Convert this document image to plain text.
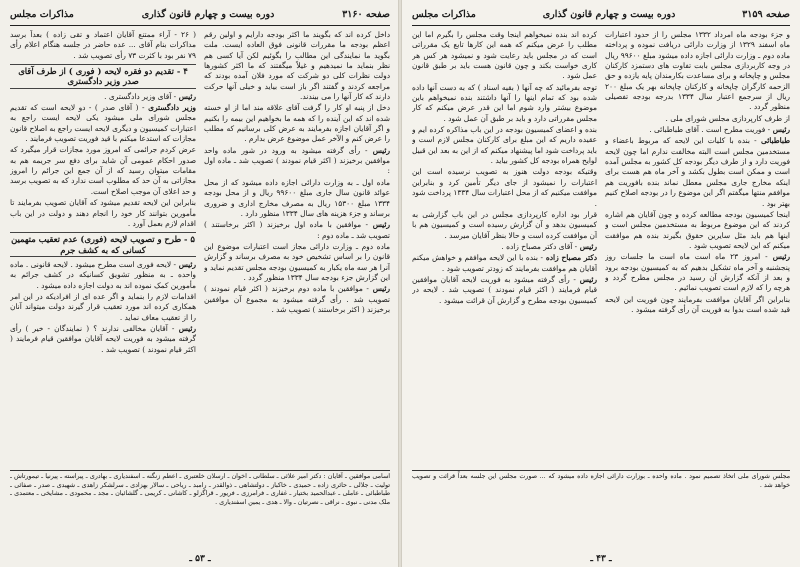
صفحه ۳۱۶۰
دوره بیست و چهارم قانون گذاری
مذاکرات مجلس

داخل کرده‌ اند که بگویند ما اکثر بودجه دارایم و اولین رقم اعظم بودجه ما مقررات قانونی فوق العاده ایست. ملت بگوید ما نمایندگی این مطالب را بگوئیم لکن آیا کسی هم نظر بنماید ما نمیدهیم و غیلاً میگفتند که ما اکثر کشورها دولت نظرات کلی دو شرکت که مورد فلان آمده بودند که مراجعه کردند و گفتند اگر باز است بیاید و خیلی آنها حرکت دارند که کار آنها را می بیندند.

دخل از پنبه او کار را گرفت آقای علاقه مند اما از او خسته شده اند که این آینده را که همه ما بخواهیم این بیمه را بکنیم و اگر آقایان اجازه بفرمایند به عرض کلی برسانیم که مطلب را عرض کنم و الآخر عمل موضوع عرض بدارم .

رئیس - رأی گرفته میشود به ورود در شور ماده واحد موافقین برخیزند ( اکثر قیام نمودند ) تصویب شد ـ ماده اول :

ماده اول ـ به وزارت دارائی اجازه داده میشود که از محل عوائد قانون سال جاری مبلغ ۹۹۶۰۰ ریال و از محل بودجه ۱۳۳۴ مبلغ ۱۵۳۰۰ ریال به مصرف مخارج اداری و ضروری برساند و جزء هزینه های سال ۱۳۳۴ منظور دارد .

رئیس - موافقین با ماده اول برخیزند ( اکثر برخاستند ) تصویب شد ـ ماده دوم :

ماده دوم ـ وزارت دارائی مجاز است اعتبارات موضوع این قانون را بر اساس تشخیص خود به مصرف برساند و گزارش آنرا هر سه ماه یکبار به کمیسیون بودجه مجلس تقدیم نماید و این گزارش جزء بودجه سال ۱۳۳۴ منظور گردد .

رئیس - موافقین با ماده دوم برخیزند ( اکثر قیام نمودند ) تصویب شد . رأی گرفته میشود به مجموع آن موافقین برخیزند ( اکثر برخاستند ) تصویب شد .

( ۲۶ - آراء ممتنع آقایان اعتماد و تقی زاده ) بعداً برسد مداکرات بنام آقای ... عده حاضر در جلسه هنگام اعلام رأی ۷۹ نفر بود با کثرت ۷۳ رأی تصویب شد .

۴ - تقدیم دو فقره لایحه ( فوری ) از طرف آقای صدر وزیر دادگستری

رئیس - آقای وزیر دادگستری .

وزیر دادگستری - ( آقای صدر ) - دو لایحه است که تقدیم مجلس شورای ملی میشود یکی لایحه ایست راجع به اعتبارات کمیسیون و دیگری لایحه ایست راجع به اصلاح قانون مجازات که استدعا میکنم با قید فوریت تصویب فرمایند .

عرض کردم جرائمی که امروز مورد مجازات قرار میگیرد که صدور احکام عمومی آن شاید برای دفع سر جریمه هم به مقامات میتوان رسید که از آن جمع این جرائم را امروز مجازاتی به آن حد که مطلوب است ندارد که به تصویب برسد و حد اعلای آن موجب اصلاح است.

بنابراین این لایحه تقدیم میشود که آقایان تصویب بفرمایند تا مأمورین بتوانند کار خود را انجام دهند و دولت در این باب اقدام لازم بعمل آورد .

۵ - طرح و تصویب لایحه (فوری) عدم تعقیب متهمین کسانی که به کشف جرم

رئیس - لایحه فوری است مطرح میشود . لایحه قانونی . ماده واحده ـ به منظور تشویق کسانیکه در کشف جرائم به مأمورین کمک نموده اند به دولت اجازه داده میشود .

اقدامات لازم را بنماید و اگر عده ای از افرادیکه در این امر همکاری کرده اند مورد تعقیب قرار گیرند دولت میتواند آنان را از تعقیب معاف نماید .

رئیس - آقایان مخالفی ندارند ؟ ( نمایندگان - خیر ) رأی گرفته میشود به فوریت لایحه آقایان موافقین قیام فرمایند ( اکثر قیام نمودند ) تصویب شد .

اسامی موافقین ـ آقایان : دکتر امیر علائی ـ سلطانی ـ اخوان ـ ارسلان خلعتبری ـ اعظم زنگنه ـ اسفندیاری ـ بهادری ـ پیراسته ـ پیرنیا ـ تیمورتاش ـ تولیت ـ جلالی ـ حائری زاده ـ حمیدی ـ خاکباز ـ دولتشاهی ـ ذوالقدر ـ رامبد ـ ریاحی ـ سالار بهزادی ـ سرلشکر زاهدی ـ شهیدی ـ صدر ـ صفائی ـ طباطبائی ـ عاملی ـ عبدالحمید بختیار ـ غفاری ـ فرامرزی ـ فریور ـ قراگزلو ـ کاشانی ـ کریمی ـ گلشائیان ـ مجد ـ محمودی ـ مشایخی ـ معتمدی ـ ملک مدنی ـ نبوی ـ نراقی ـ نصرتیان ـ والا ـ هدی ـ یمین اسفندیاری .

ـ ۵۳ ـ
صفحه ۳۱۵۹
دوره بیست و چهارم قانون گذاری
مذاکرات مجلس

و جزء بودجه ماه امرداد ۱۳۳۲ مجلس را از حدود اعتبارات ماه اسفند ۱۳۲۹ از وزارت دارائی دریافت نموده و پرداخته ماده دوم ـ وزارت دارائی اجازه داده میشود مبلغ ۹۹۶۰۰ ریال در وجه کاربردازی مجلس بابت تفاوت های دستمزد کارکنان مجلس و چاپخانه و برای مساعدت بکارمندان پایه یازده و حق الزحمه کارگران چاپخانه و کارکنان چاپخانه بهر یک مبلغ ۲۰۰ ریال از سرجمع اعتبار سال ۱۳۳۴ بدرجه بودجه تفصیلی منظور گردد .

از طرف کارپردازی مجلس شورای ملی .

رئیس - فوریت مطرح است . آقای طباطبائی .

طباطبائی - بنده با کلیات این لایحه که مربوط باعضاء و مستخدمین مجلس است البته مخالفت ندارم اما چون لایحه فوریت دارد و از طرف دیگر بودجه کل کشور به مجلس آمده است و ممکن است بطول بکشد و آخر ماه هم هست برای اینکه مخارج جاری مجلس معطل نماند بنده بافوریت هم موافقم منتها میگفتم اگر این موضوع را در بودجه اصلاح کنیم بهتر بود .

اینجا کمیسیون بودجه مطالعه کرده و چون آقایان هم اشاره کردند که این موضوع مربوط به مستخدمین مجلس است و اینها هم باید مثل سایرین حقوق بگیرند بنده هم موافقت میکنم که این لایحه تصویب شود .

رئیس - امروز ۲۳ ماه است ماه است ما جلسات روز پنجشنبه و آخر ماه تشکیل بدهیم که به کمیسیون بودجه برود و بعد از آنکه گزارش آن رسید در مجلس مطرح گردد و هرچه را که لازم است تصویب نمائیم .

بنابراین اگر آقایان موافقت بفرمایند چون فوریت این لایحه قید شده است بدوا به فوریت آن رأی گرفته میشود .

کرده اند بنده نمیخواهم اینجا وقت مجلس را بگیرم اما این مطلب را عرض میکنم که همه این کارها تابع یک مقرراتی است که در مجلس باید رعایت شود و نمیشود هر کس هر کاری خواست بکند و چون قانون هست باید بر طبق قانون عمل شود .

توجه بفرمائید که چه آنها ( بقیه اسناد ) که به دست آنها داده شده بود که تمام اینها را آنها داشتند بنده نمیخواهم باین موضوع بیشتر وارد شوم اما این قدر عرض میکنم که کار مجلس مقرراتی دارد و باید بر طبق آن عمل شود .

بنده و اعضای کمیسیون بودجه در این باب مذاکره کرده ایم و عقیده داریم که این مبلغ برای کارکنان مجلس لازم است و باید پرداخت شود اما پیشنهاد میکنم که از این به بعد این قبیل لوایح همراه بودجه کل کشور بیاید .

وقتیکه بودجه دولت هنوز به تصویب نرسیده است این اعتبارات را نمیشود از جای دیگر تأمین کرد و بنابراین موافقت میکنیم که از محل اعتبارات سال ۱۳۳۴ پرداخت شود .

قرار بود اداره کارپردازی مجلس در این باب گزارشی به کمیسیون بدهد و آن گزارش رسیده است و کمیسیون هم با آن موافقت کرده است و حالا بنظر آقایان میرسد .

رئیس - آقای دکتر مصباح زاده .

دکتر مصباح زاده - بنده با این لایحه موافقم و خواهش میکنم آقایان هم موافقت بفرمایند که زودتر تصویب شود .

رئیس - رأی گرفته میشود به فوریت لایحه آقایان موافقین قیام فرمایند ( اکثر قیام نمودند ) تصویب شد . لایحه در کمیسیون بودجه مطرح و گزارش آن قرائت میشود .

مجلس شورای ملی اتخاذ تصمیم نمود . ماده واحده ـ بوزارت دارائی اجازه داده میشود که ... صورت مجلس این جلسه بعداً قرائت و تصویب خواهد شد .

ـ ۴۳ ـ
